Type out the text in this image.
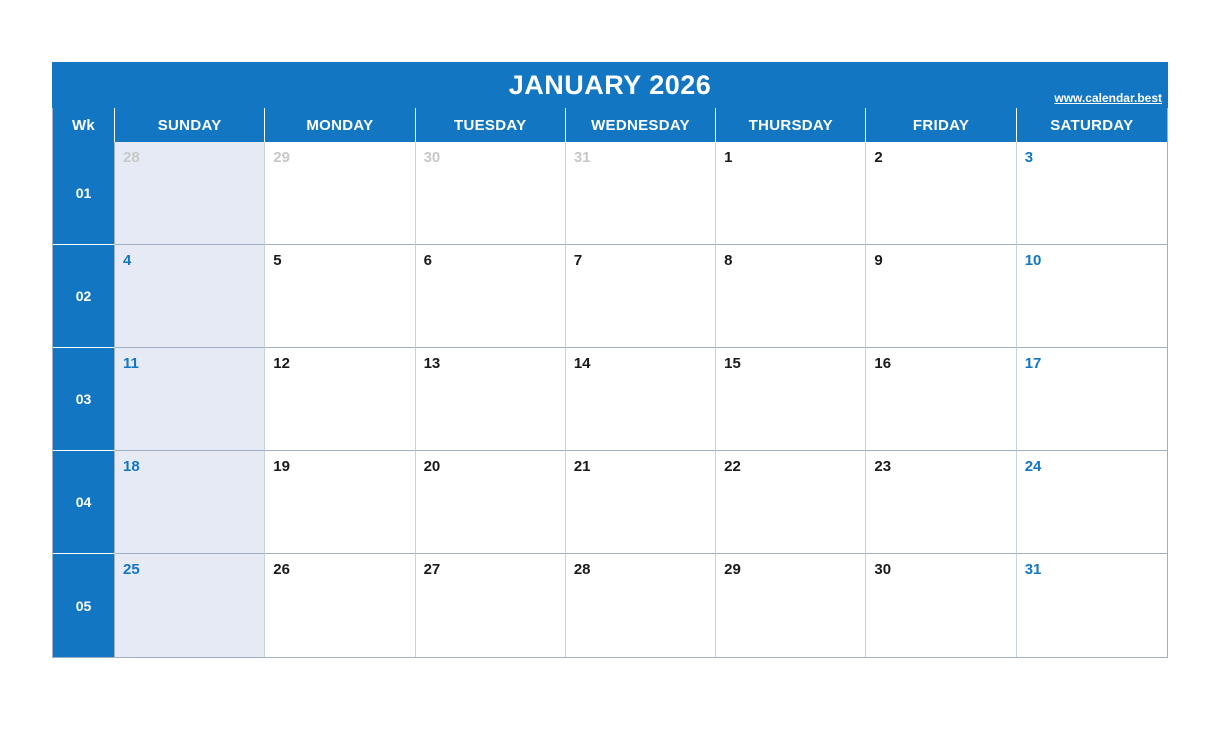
JANUARY 2026	www.calendar.best
Wk	SUNDAY	MONDAY	TUESDAY	WEDNESDAY	THURSDAY	FRIDAY	SATURDAY
01
28	29	30	31	1	2	3
02
4	5	6	7	8	9	10
03
11	12	13	14	15	16	17
04
18	19	20	21	22	23	24
05
25	26	27	28	29	30	31
